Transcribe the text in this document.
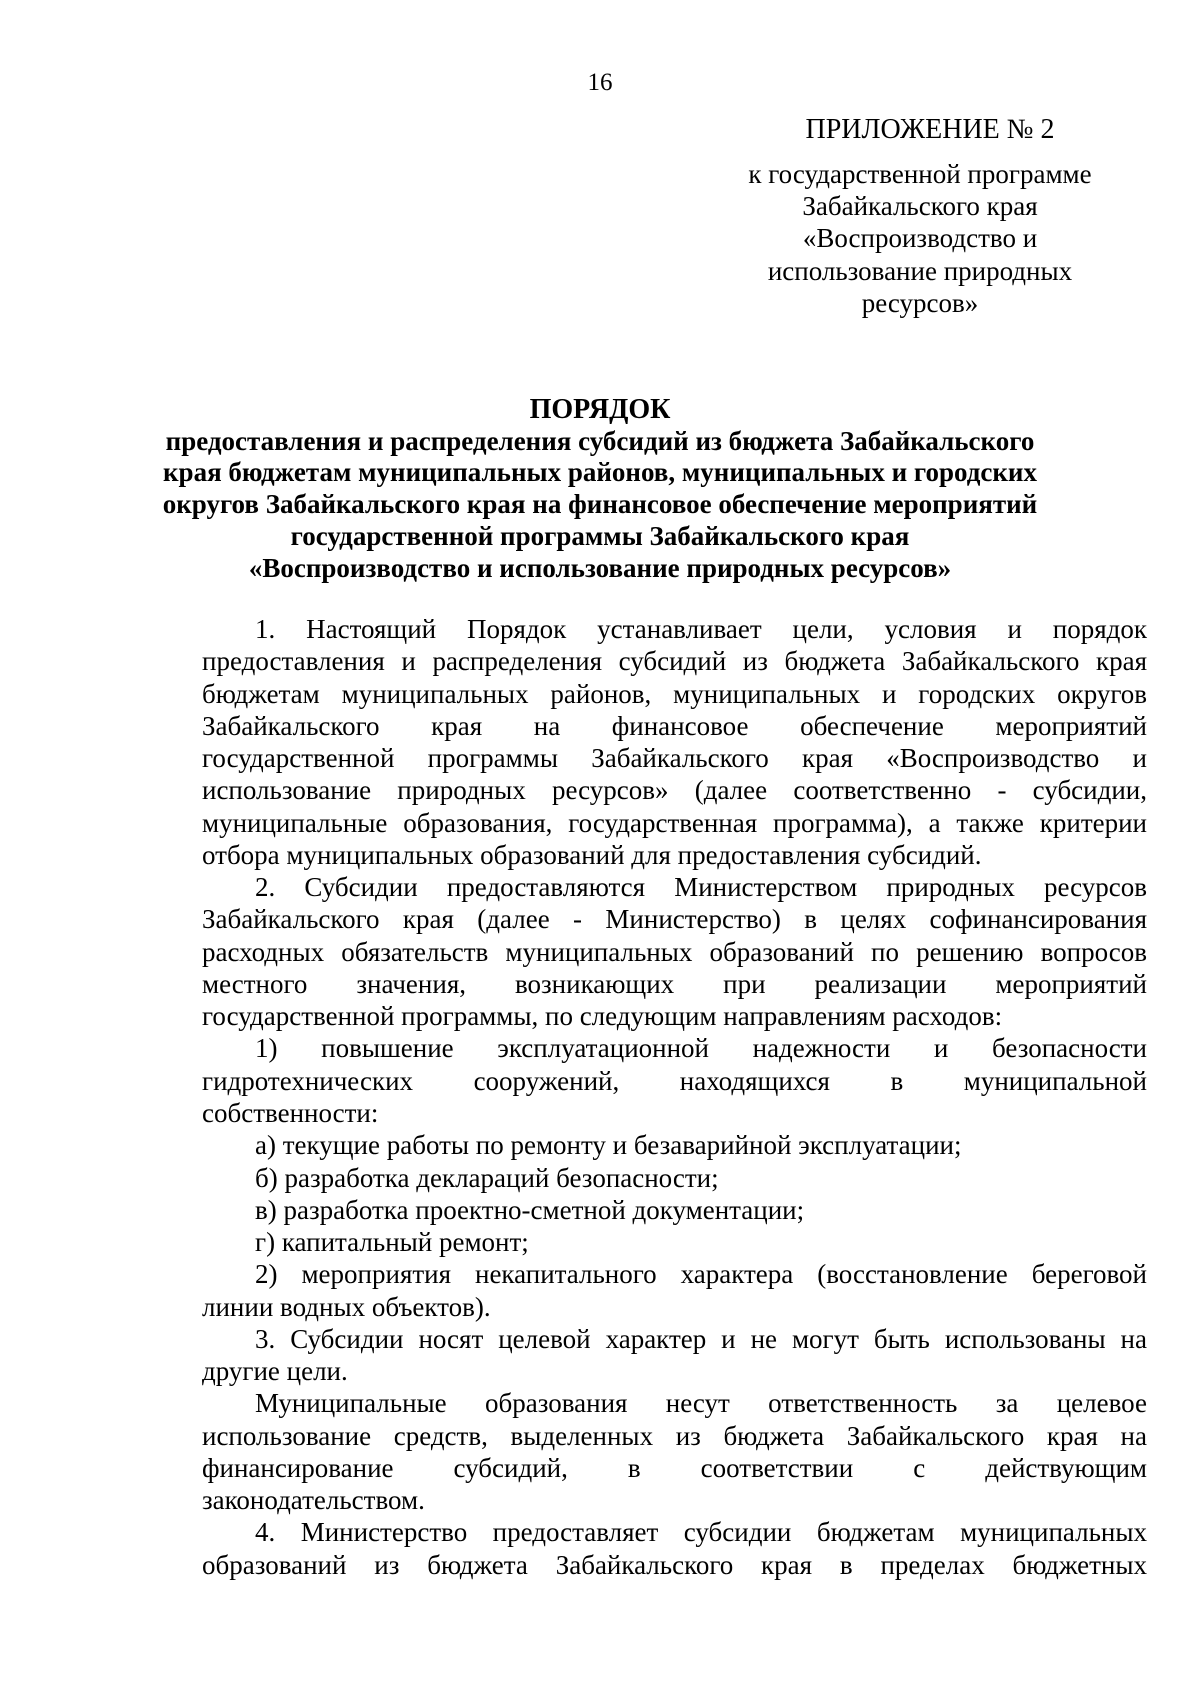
16
ПРИЛОЖЕНИЕ № 2
к государственной программе
Забайкальского края
«Воспроизводство и
использование природных
ресурсов»
ПОРЯДОК
предоставления и распределения субсидий из бюджета Забайкальского
края бюджетам муниципальных районов, муниципальных и городских
округов Забайкальского края на финансовое обеспечение мероприятий
государственной программы Забайкальского края
«Воспроизводство и использование природных ресурсов»
1. Настоящий Порядок устанавливает цели, условия и порядок
предоставления и распределения субсидий из бюджета Забайкальского края
бюджетам муниципальных районов, муниципальных и городских округов
Забайкальского края на финансовое обеспечение мероприятий
государственной программы Забайкальского края «Воспроизводство и
использование природных ресурсов» (далее соответственно - субсидии,
муниципальные образования, государственная программа), а также критерии
отбора муниципальных образований для предоставления субсидий.
2. Субсидии предоставляются Министерством природных ресурсов
Забайкальского края (далее - Министерство) в целях софинансирования
расходных обязательств муниципальных образований по решению вопросов
местного значения, возникающих при реализации мероприятий
государственной программы, по следующим направлениям расходов:
1) повышение эксплуатационной надежности и безопасности
гидротехнических сооружений, находящихся в муниципальной
собственности:
а) текущие работы по ремонту и безаварийной эксплуатации;
б) разработка деклараций безопасности;
в) разработка проектно-сметной документации;
г) капитальный ремонт;
2) мероприятия некапитального характера (восстановление береговой
линии водных объектов).
3. Субсидии носят целевой характер и не могут быть использованы на
другие цели.
Муниципальные образования несут ответственность за целевое
использование средств, выделенных из бюджета Забайкальского края на
финансирование субсидий, в соответствии с действующим
законодательством.
4. Министерство предоставляет субсидии бюджетам муниципальных
образований из бюджета Забайкальского края в пределах бюджетных
